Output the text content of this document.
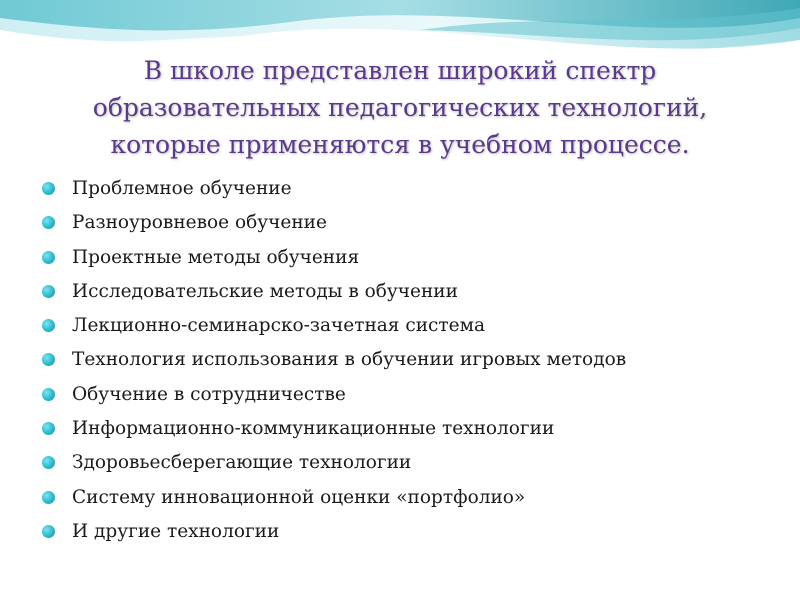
В школе представлен широкий спектр
образовательных педагогических технологий,
которые применяются в учебном процессе.
Проблемное обучение
Разноуровневое обучение
Проектные методы обучения
Исследовательские методы в обучении
Лекционно-семинарско-зачетная система
Технология использования в обучении игровых методов
Обучение в сотрудничестве
Информационно-коммуникационные технологии
Здоровьесберегающие технологии
Систему инновационной оценки «портфолио»
И другие технологии
